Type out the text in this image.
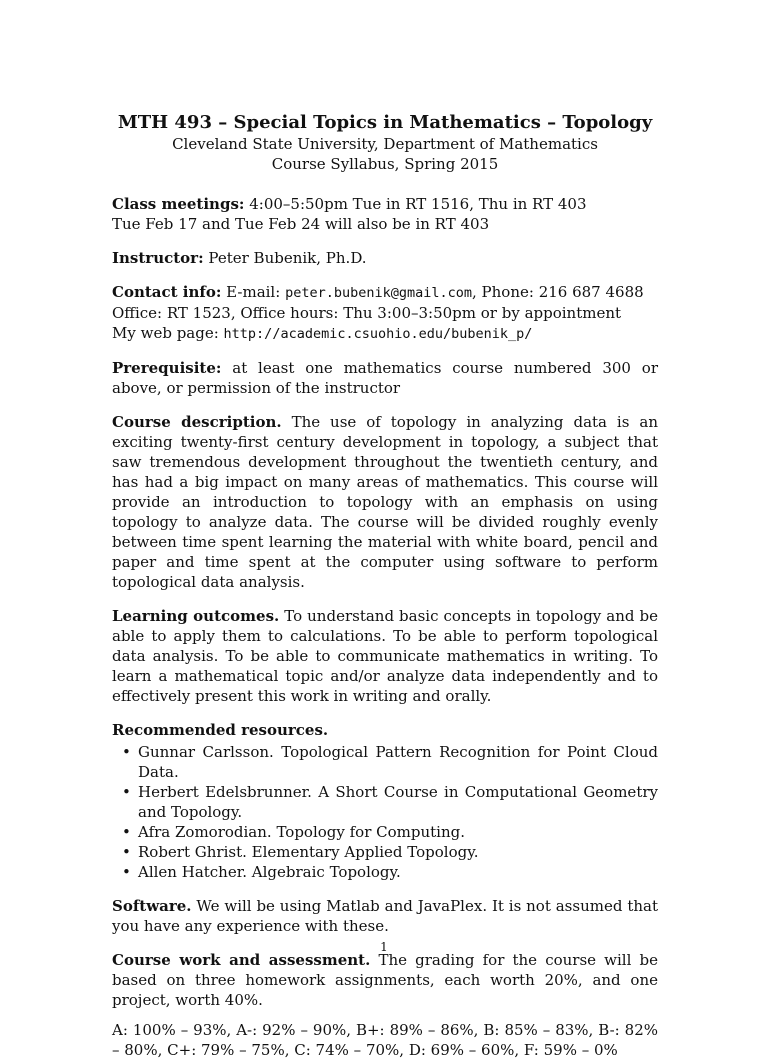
MTH 493 – Special Topics in Mathematics – Topology

Cleveland State University, Department of Mathematics

Course Syllabus, Spring 2015

Class meetings: 4:00–5:50pm Tue in RT 1516, Thu in RT 403

Tue Feb 17 and Tue Feb 24 will also be in RT 403

Instructor: Peter Bubenik, Ph.D.

Contact info: E-mail: peter.bubenik@gmail.com, Phone: 216 687 4688

Office: RT 1523, Office hours: Thu 3:00–3:50pm or by appointment

My web page: http://academic.csuohio.edu/bubenik_p/

Prerequisite: at least one mathematics course numbered 300 or above, or permission of the instructor

Course description. The use of topology in analyzing data is an exciting twenty-first century development in topology, a subject that saw tremendous development throughout the twentieth century, and has had a big impact on many areas of mathematics. This course will provide an introduction to topology with an emphasis on using topology to analyze data. The course will be divided roughly evenly between time spent learning the material with white board, pencil and paper and time spent at the computer using software to perform topological data analysis.

Learning outcomes. To understand basic concepts in topology and be able to apply them to calculations. To be able to perform topological data analysis. To be able to communicate mathematics in writing. To learn a mathematical topic and/or analyze data independently and to effectively present this work in writing and orally.

Recommended resources.

• Gunnar Carlsson. Topological Pattern Recognition for Point Cloud Data.
• Herbert Edelsbrunner. A Short Course in Computational Geometry and Topology.
• Afra Zomorodian. Topology for Computing.
• Robert Ghrist. Elementary Applied Topology.
• Allen Hatcher. Algebraic Topology.

Software. We will be using Matlab and JavaPlex. It is not assumed that you have any experience with these.

Course work and assessment. The grading for the course will be based on three homework assignments, each worth 20%, and one project, worth 40%.

A: 100% – 93%, A-: 92% – 90%, B+: 89% – 86%, B: 85% – 83%, B-: 82% – 80%, C+: 79% – 75%, C: 74% – 70%, D: 69% – 60%, F: 59% – 0%

1
